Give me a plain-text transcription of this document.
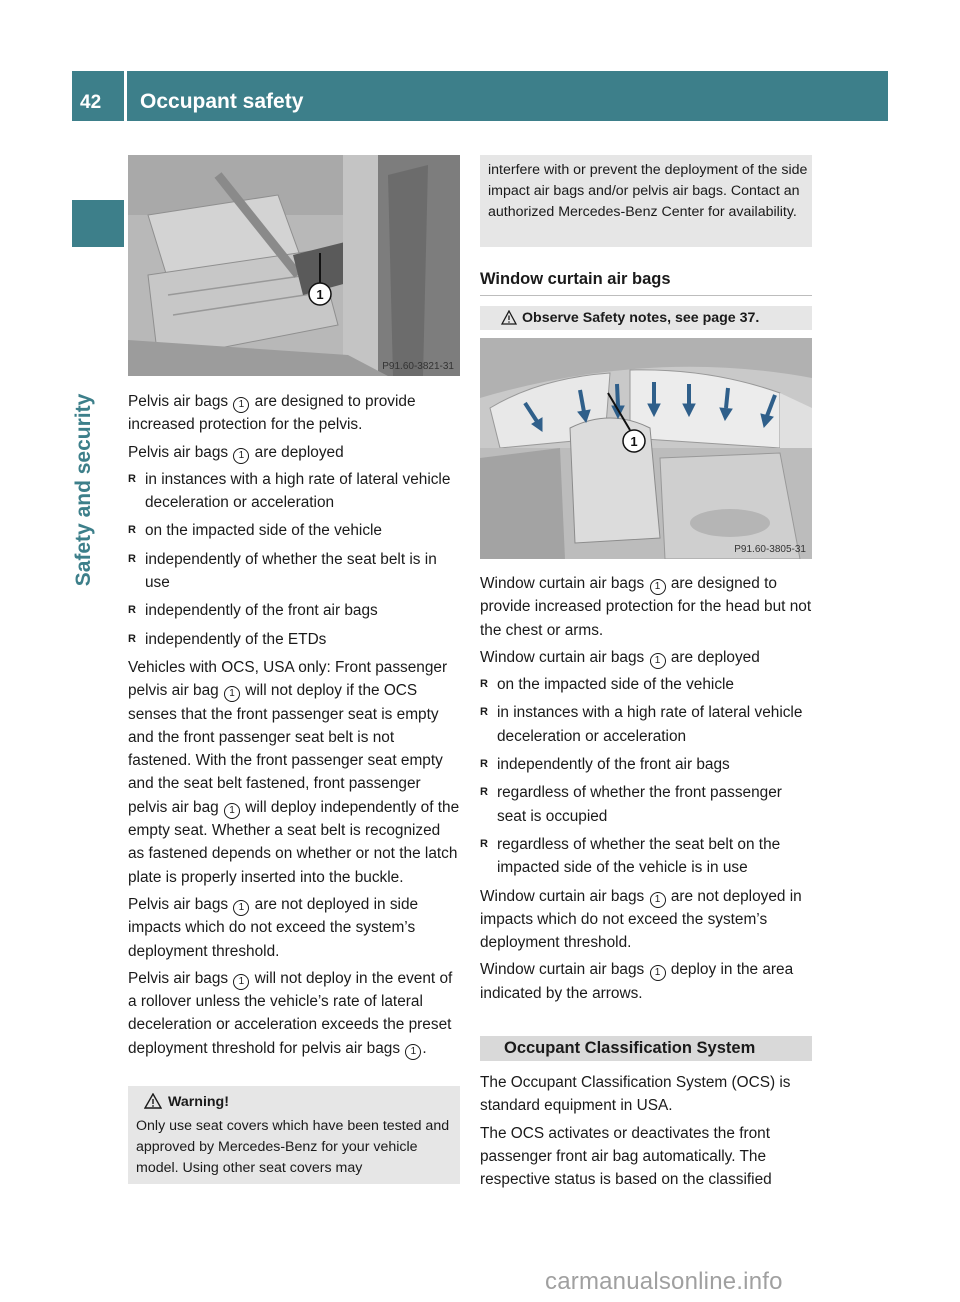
42 Occupant safety
Safety and security
1
P91.60-3821-31

Pelvis air bags 1 are designed to provide increased protection for the pelvis.

Pelvis air bags 1 are deployed

R in instances with a high rate of lateral vehicle deceleration or acceleration
R on the impacted side of the vehicle
R independently of whether the seat belt is in use
R independently of the front air bags
R independently of the ETDs

Vehicles with OCS, USA only: Front passenger pelvis air bag 1 will not deploy if the OCS senses that the front passenger seat is empty and the front passenger seat belt is not fastened. With the front passenger seat empty and the seat belt fastened, front passenger pelvis air bag 1 will deploy independently of the empty seat. Whether a seat belt is recognized as fastened depends on whether or not the latch plate is properly inserted into the buckle.

Pelvis air bags 1 are not deployed in side impacts which do not exceed the system’s deployment threshold.

Pelvis air bags 1 will not deploy in the event of a rollover unless the vehicle’s rate of lateral deceleration or acceleration exceeds the preset deployment threshold for pelvis air bags 1 .

Warning!
Only use seat covers which have been tested and approved by Mercedes-Benz for your vehicle model. Using other seat covers may
interfere with or prevent the deployment of the side impact air bags and/or pelvis air bags. Contact an authorized Mercedes-Benz Center for availability.
Window curtain air bags
Observe Safety notes, see page 37.
1
P91.60-3805-31

Window curtain air bags 1 are designed to provide increased protection for the head but not the chest or arms.

Window curtain air bags 1 are deployed

R on the impacted side of the vehicle
R in instances with a high rate of lateral vehicle deceleration or acceleration
R independently of the front air bags
R regardless of whether the front passenger seat is occupied
R regardless of whether the seat belt on the impacted side of the vehicle is in use

Window curtain air bags 1 are not deployed in impacts which do not exceed the system’s deployment threshold.

Window curtain air bags 1 deploy in the area indicated by the arrows.

Occupant Classification System

The Occupant Classification System (OCS) is standard equipment in USA.

The OCS activates or deactivates the front passenger front air bag automatically. The respective status is based on the classified

carmanualsonline.info
